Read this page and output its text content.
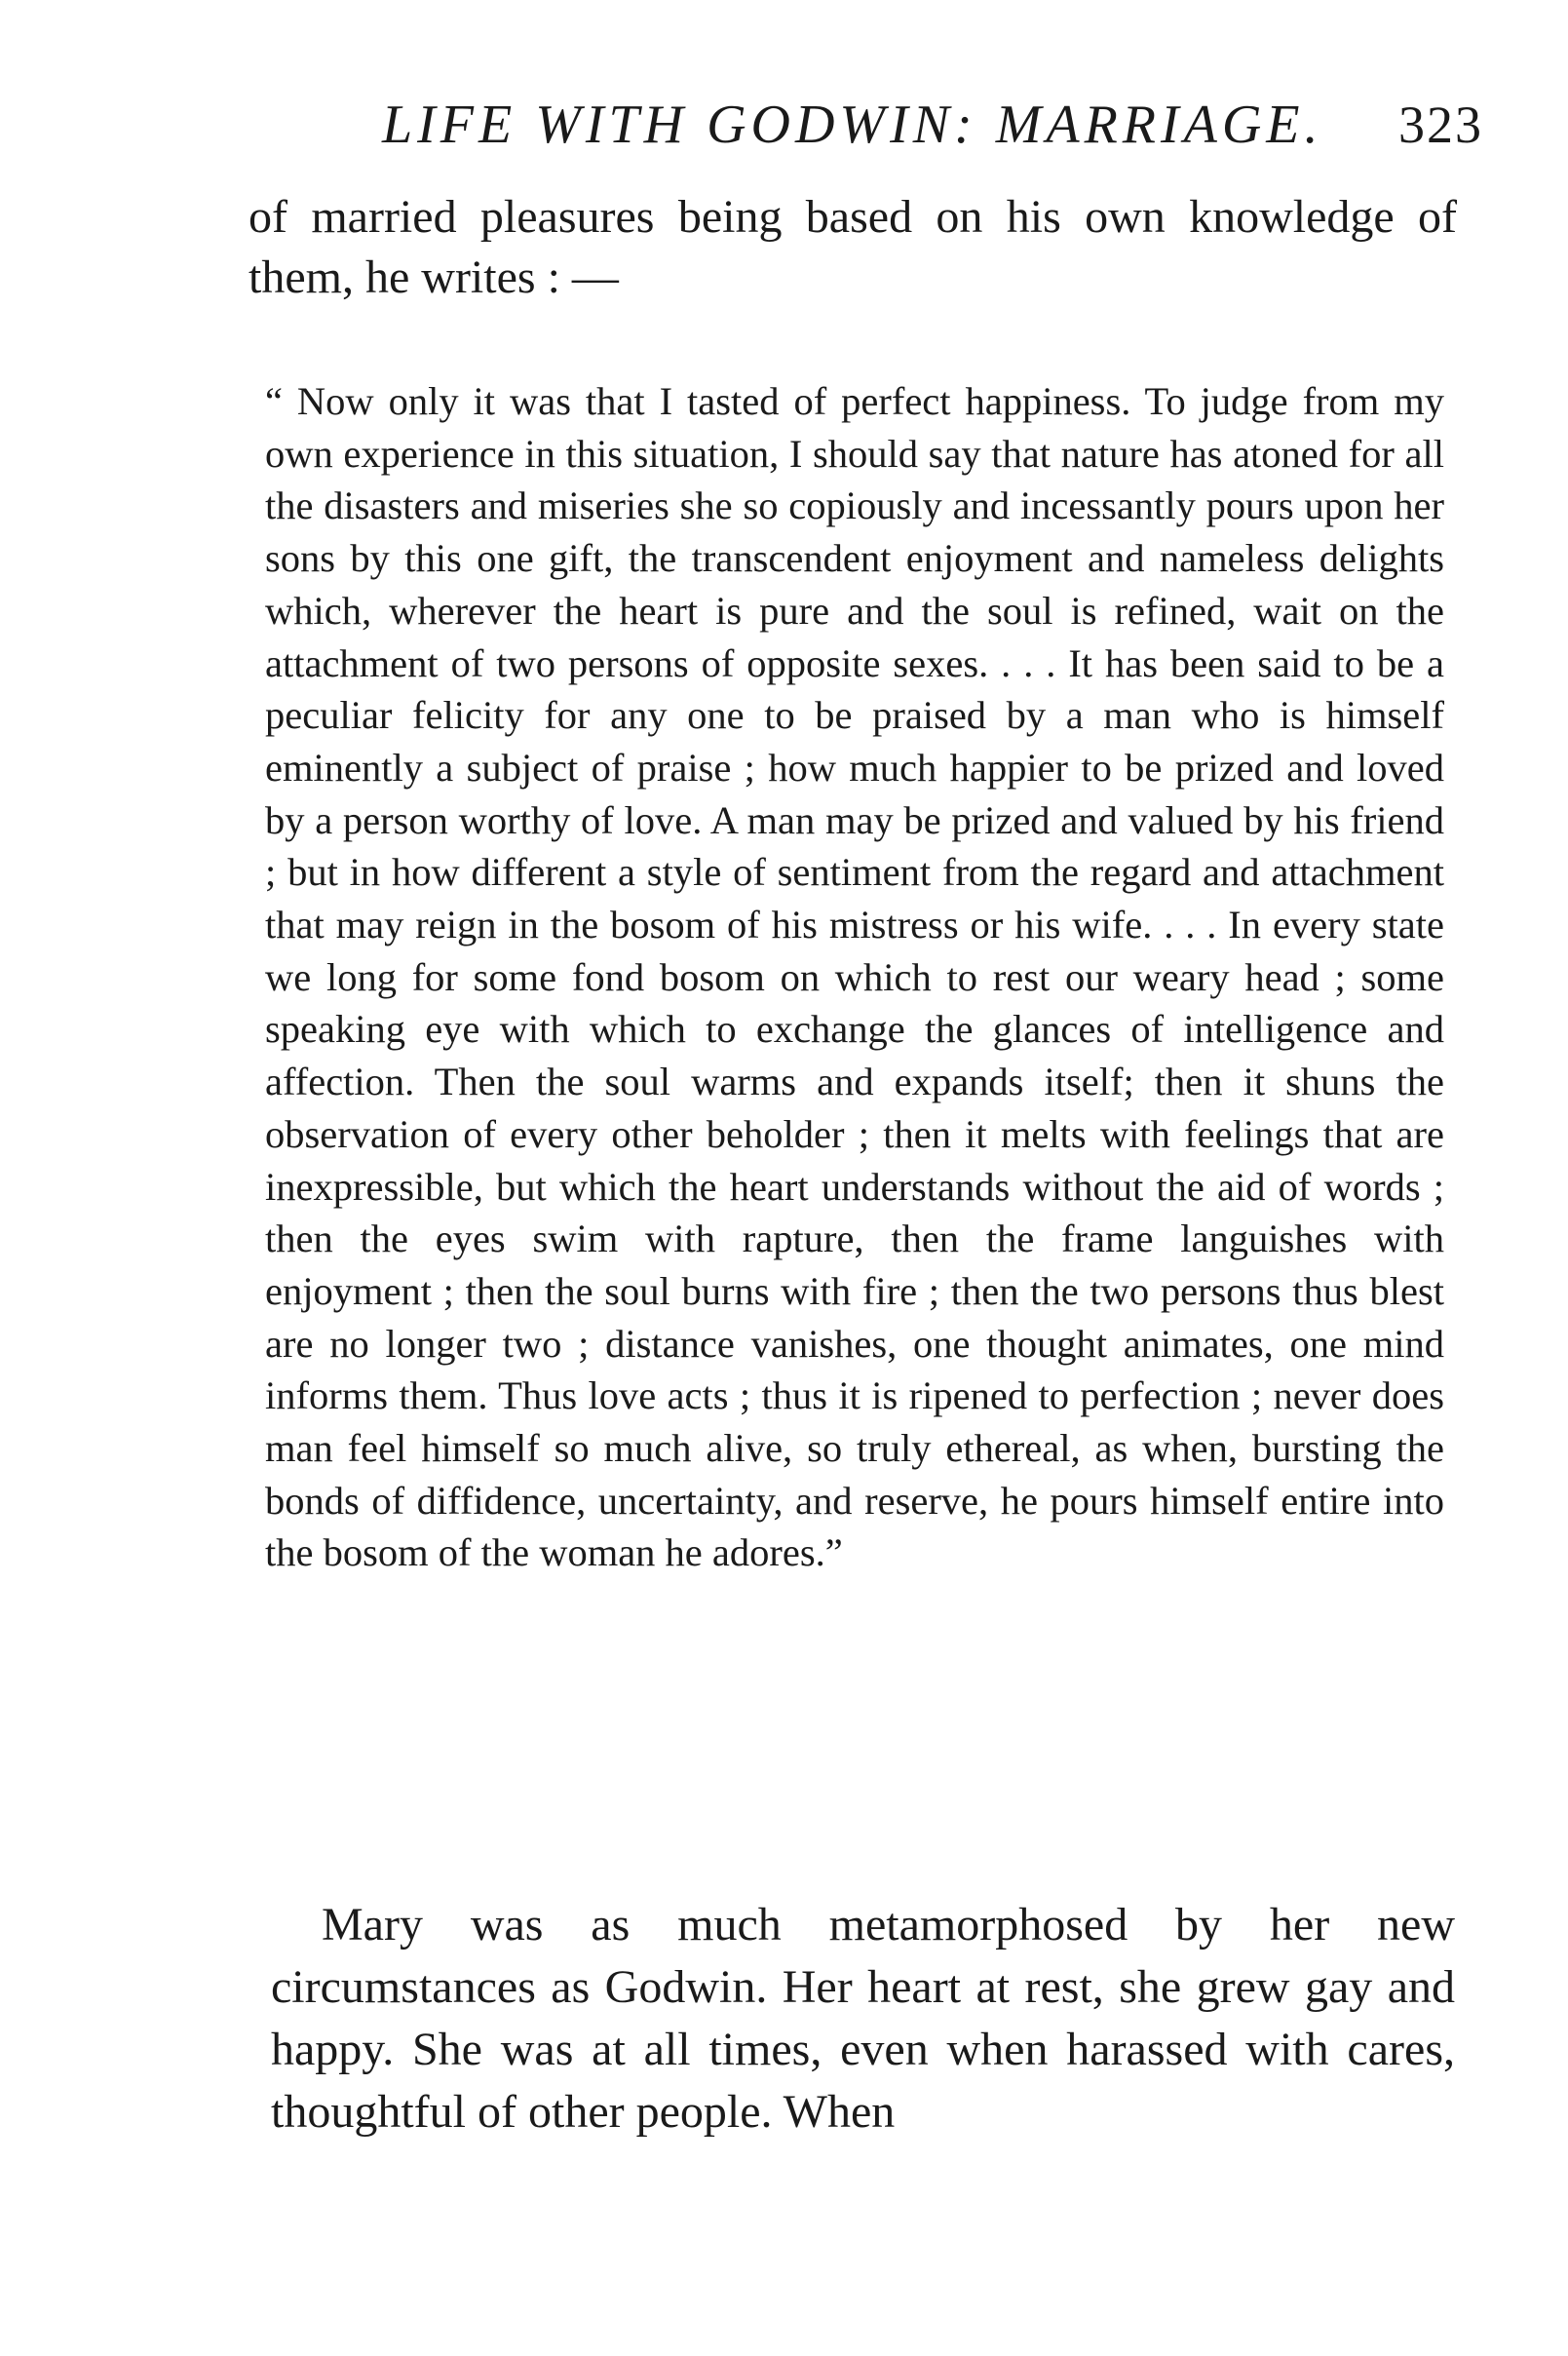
LIFE WITH GODWIN: MARRIAGE. 323

of married pleasures being based on his own knowledge of them, he writes : —

“ Now only it was that I tasted of perfect happiness. To judge from my own experience in this situation, I should say that nature has atoned for all the disasters and miseries she so copiously and incessantly pours upon her sons by this one gift, the transcendent enjoyment and nameless delights which, wherever the heart is pure and the soul is refined, wait on the attachment of two persons of opposite sexes. . . . It has been said to be a peculiar felicity for any one to be praised by a man who is himself eminently a subject of praise ; how much happier to be prized and loved by a person worthy of love. A man may be prized and valued by his friend ; but in how different a style of sentiment from the regard and attachment that may reign in the bosom of his mistress or his wife. . . . In every state we long for some fond bosom on which to rest our weary head ; some speaking eye with which to exchange the glances of intelligence and affection. Then the soul warms and expands itself; then it shuns the observation of every other beholder ; then it melts with feelings that are inexpressible, but which the heart understands without the aid of words ; then the eyes swim with rapture, then the frame languishes with enjoyment ; then the soul burns with fire ; then the two persons thus blest are no longer two ; distance vanishes, one thought animates, one mind informs them. Thus love acts ; thus it is ripened to perfection ; never does man feel himself so much alive, so truly ethereal, as when, bursting the bonds of diffidence, uncertainty, and reserve, he pours himself entire into the bosom of the woman he adores.”

Mary was as much metamorphosed by her new circumstances as Godwin. Her heart at rest, she grew gay and happy. She was at all times, even when harassed with cares, thoughtful of other people. When
